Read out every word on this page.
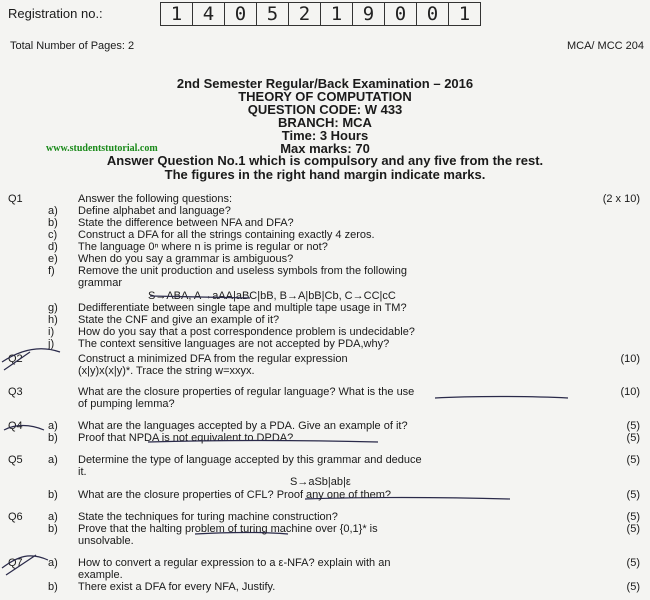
Registration no.:	1	4	0	5	2	1	9	0	0	1
Total Number of Pages: 2	MCA/ MCC 204
2nd Semester Regular/Back Examination – 2016
THEORY OF COMPUTATION
QUESTION CODE: W 433
BRANCH: MCA
Time: 3 Hours
Max marks: 70
www.studentstutorial.com
Answer Question No.1 which is compulsory and any five from the rest.
The figures in the right hand margin indicate marks.
Q1	Answer the following questions:	(2 x 10)
a) Define alphabet and language?
b) State the difference between NFA and DFA?
c) Construct a DFA for all the strings containing exactly 4 zeros.
d) The language 0ⁿ where n is prime is regular or not?
e) When do you say a grammar is ambiguous?
f) Remove the unit production and useless symbols from the following
grammar
S→ABA, A→aAA|aBC|bB, B→A|bB|Cb, C→CC|cC
g) Dedifferentiate between single tape and multiple tape usage in TM?
h) State the CNF and give an example of it?
i) How do you say that a post correspondence problem is undecidable?
j) The context sensitive languages are not accepted by PDA,why?
Q2	Construct a minimized DFA from the regular expression	(10)
(x|y)x(x|y)*. Trace the string w=xxyx.
Q3	What are the closure properties of regular language? What is the use	(10)
of pumping lemma?
Q4 a) What are the languages accepted by a PDA. Give an example of it?	(5)
b) Proof that NPDA is not equivalent to DPDA?	(5)
Q5 a) Determine the type of language accepted by this grammar and deduce	(5)
it.
S→aSb|ab|ε
b) What are the closure properties of CFL? Proof any one of them?	(5)
Q6 a) State the techniques for turing machine construction?	(5)
b) Prove that the halting problem of turing machine over {0,1}* is	(5)
unsolvable.
Q7 a) How to convert a regular expression to a ε-NFA? explain with an	(5)
example.
b) There exist a DFA for every NFA, Justify.	(5)
